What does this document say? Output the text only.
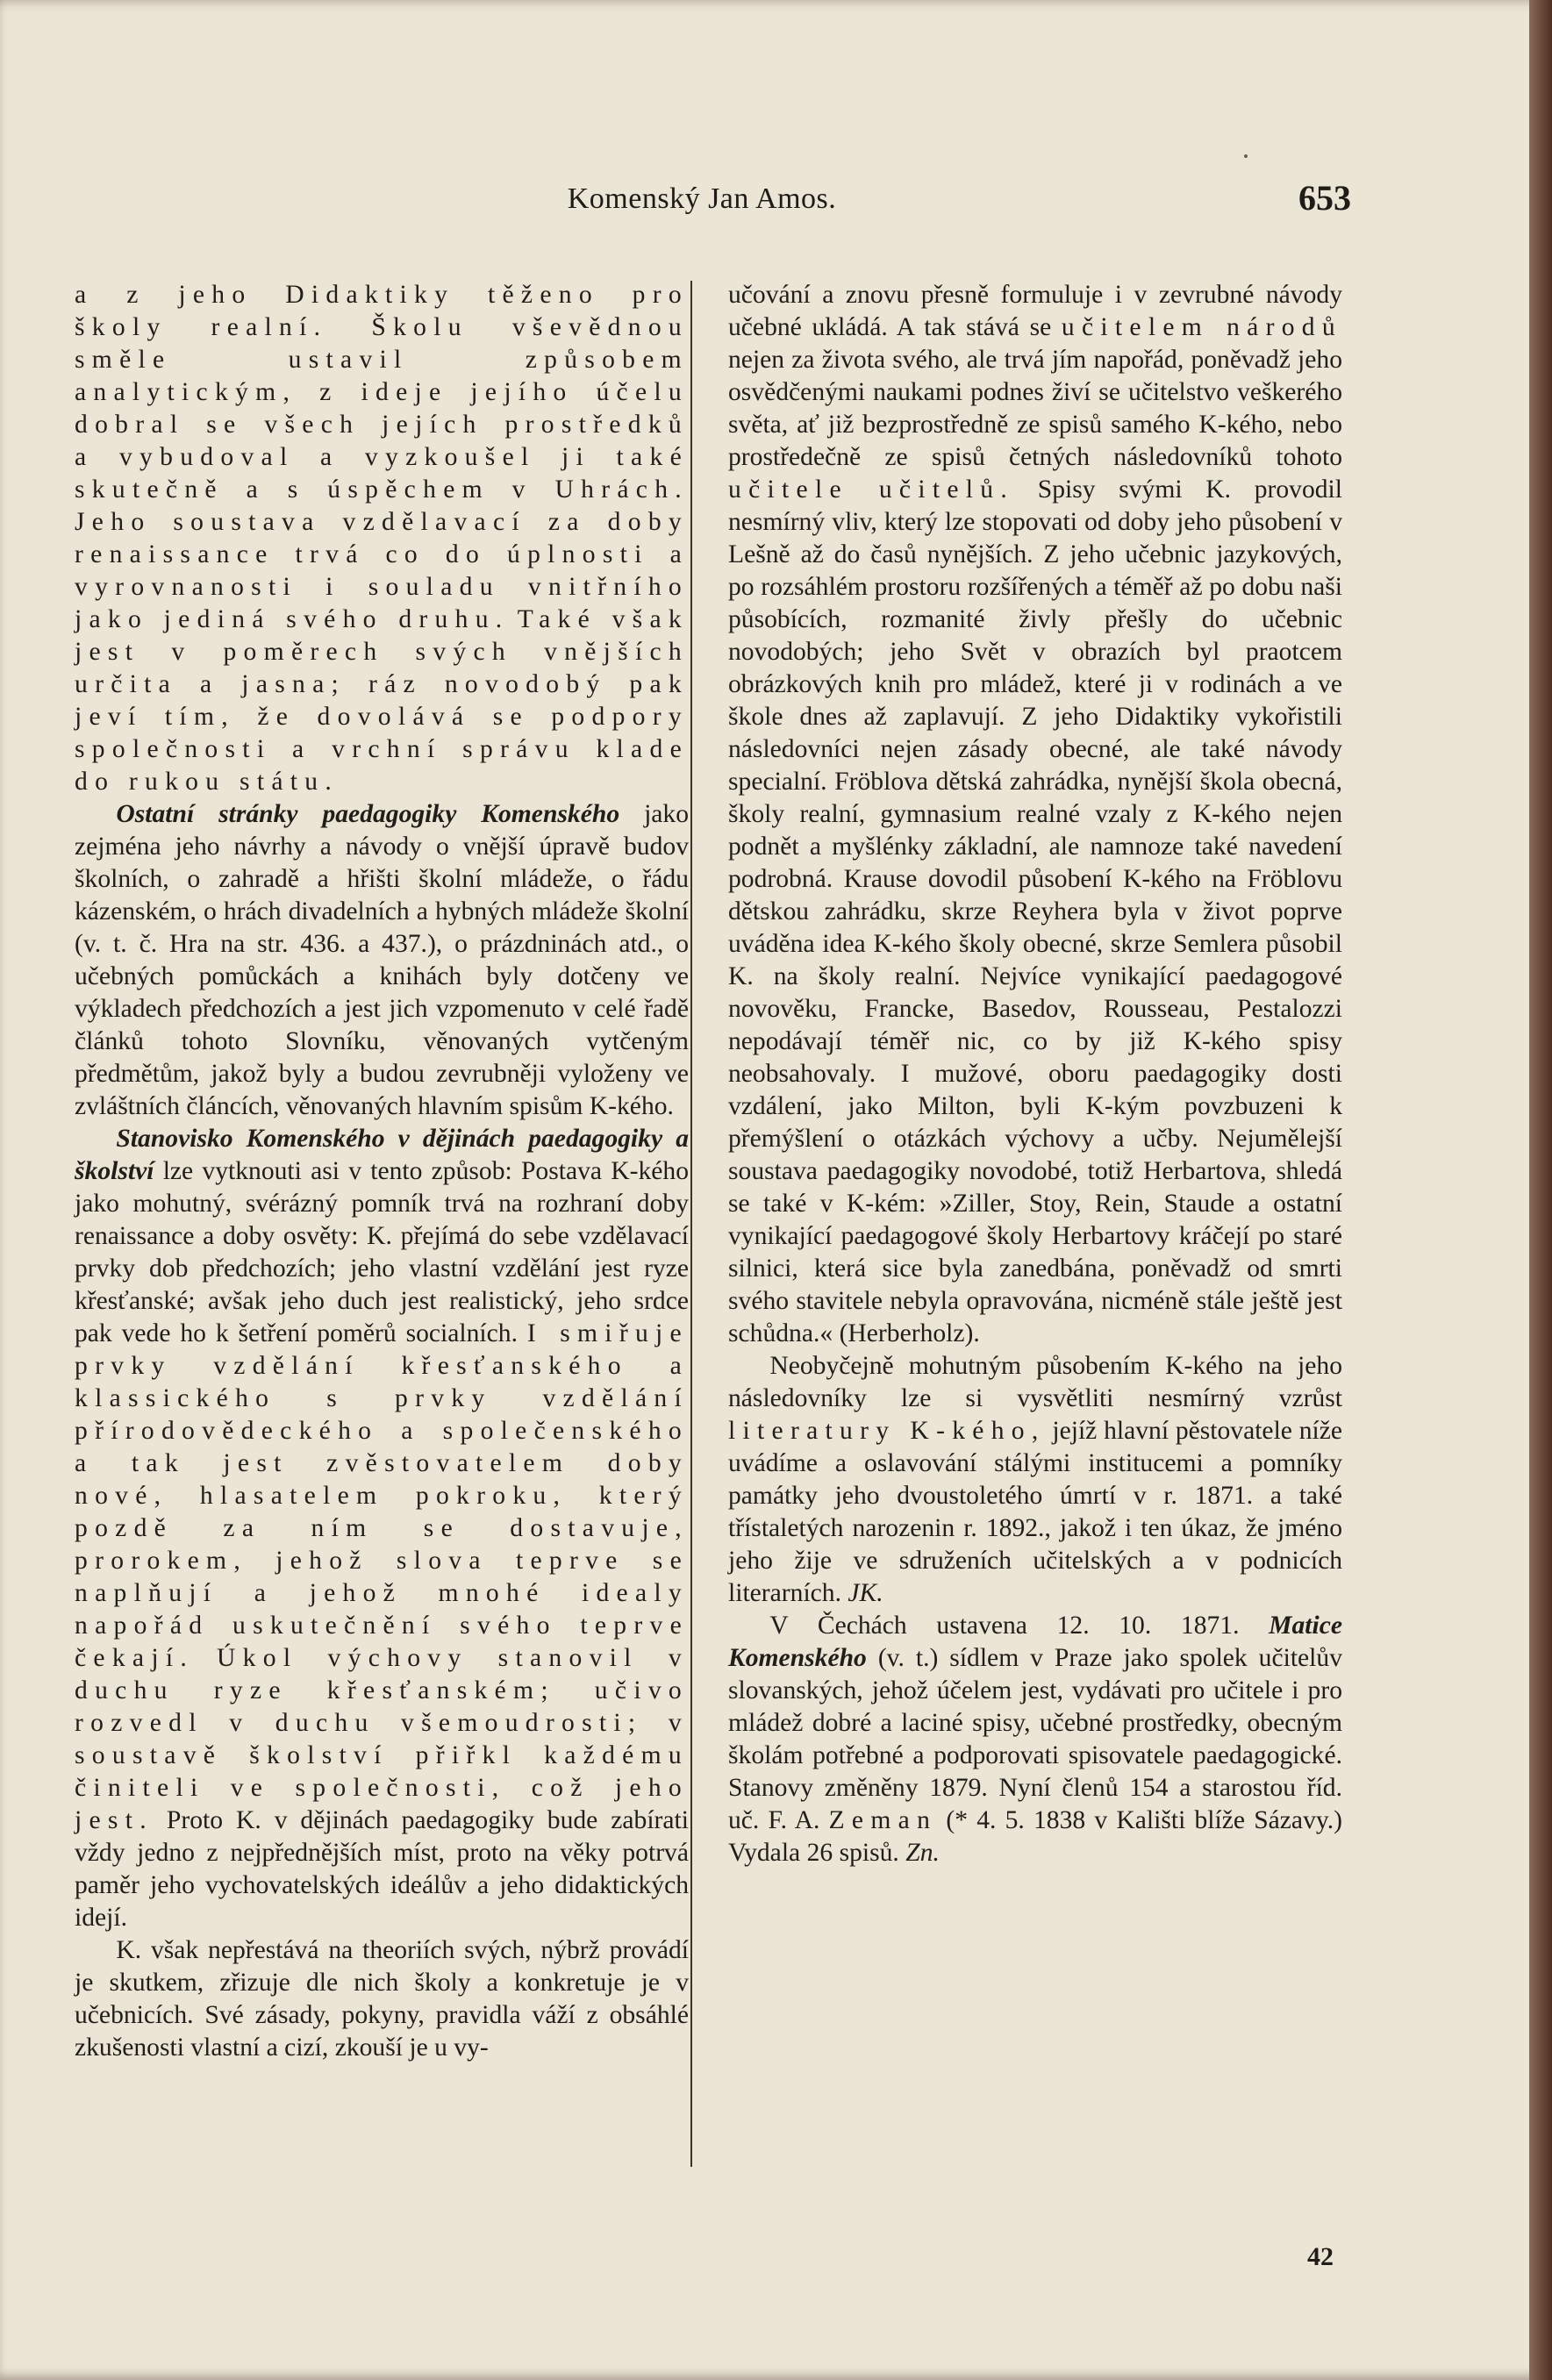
Komenský Jan Amos.	653

a z jeho Didaktiky těženo pro školy realní. Školu vševědnou směle ustavil způsobem analytickým, z ideje jejího účelu dobral se všech jejích prostředků a vybudoval a vyzkoušel ji také skutečně a s úspěchem v Uhrách. Jeho soustava vzdělavací za doby renaissance trvá co do úplnosti a vyrovnanosti i souladu vnitřního jako jediná svého druhu. Také však jest v poměrech svých vnějších určita a jasna; ráz novodobý pak jeví tím, že dovolává se podpory společnosti a vrchní správu klade do rukou státu.

Ostatní stránky paedagogiky Komenského jako zejména jeho návrhy a návody o vnější úpravě budov školních, o zahradě a hřišti školní mládeže, o řádu kázenském, o hrách divadelních a hybných mládeže školní (v. t. č. Hra na str. 436. a 437.), o prázdninách atd., o učebných pomůckách a knihách byly dotčeny ve výkladech předchozích a jest jich vzpomenuto v celé řadě článků tohoto Slovníku, věnovaných vytčeným předmětům, jakož byly a budou zevrubněji vyloženy ve zvláštních článcích, věnovaných hlavním spisům K-kého.

Stanovisko Komenského v dějinách paedagogiky a školství lze vytknouti asi v tento způsob: Postava K-kého jako mohutný, svérázný pomník trvá na rozhraní doby renaissance a doby osvěty: K. přejímá do sebe vzdělavací prvky dob předchozích; jeho vlastní vzdělání jest ryze křesťanské; avšak jeho duch jest realistický, jeho srdce pak vede ho k šetření poměrů socialních. I smiřuje prvky vzdělání křesťanského a klassického s prvky vzdělání přírodovědeckého a společenského a tak jest zvěstovatelem doby nové, hlasatelem pokroku, který pozdě za ním se dostavuje, prorokem, jehož slova teprve se naplňují a jehož mnohé idealy napořád uskutečnění svého teprve čekají. Úkol výchovy stanovil v duchu ryze křesťanském; učivo rozvedl v duchu všemoudrosti; v soustavě školství přiřkl každému činiteli ve společnosti, což jeho jest. Proto K. v dějinách paedagogiky bude zabírati vždy jedno z nejpřednějších míst, proto na věky potrvá paměr jeho vychovatelských ideálův a jeho didaktických idejí.

K. však nepřestává na theoriích svých, nýbrž provádí je skutkem, zřizuje dle nich školy a konkretuje je v učebnicích. Své zásady, pokyny, pravidla váží z obsáhlé zkušenosti vlastní a cizí, zkouší je u vy-

učování a znovu přesně formuluje i v zevrubné návody učebné ukládá. A tak stává se učitelem národů nejen za života svého, ale trvá jím napořád, poněvadž jeho osvědčenými naukami podnes živí se učitelstvo veškerého světa, ať již bezprostředně ze spisů samého K-kého, nebo prostředečně ze spisů četných následovníků tohoto učitele učitelů. Spisy svými K. provodil nesmírný vliv, který lze stopovati od doby jeho působení v Lešně až do časů nynějších. Z jeho učebnic jazykových, po rozsáhlém prostoru rozšířených a téměř až po dobu naši působících, rozmanité živly přešly do učebnic novodobých; jeho Svět v obrazích byl praotcem obrázkových knih pro mládež, které ji v rodinách a ve škole dnes až zaplavují. Z jeho Didaktiky vykořistili následovníci nejen zásady obecné, ale také návody specialní. Fröblova dětská zahrádka, nynější škola obecná, školy realní, gymnasium realné vzaly z K-kého nejen podnět a myšlénky základní, ale namnoze také navedení podrobná. Krause dovodil působení K-kého na Fröblovu dětskou zahrádku, skrze Reyhera byla v život poprve uváděna idea K-kého školy obecné, skrze Semlera působil K. na školy realní. Nejvíce vynikající paedagogové novověku, Francke, Basedov, Rousseau, Pestalozzi nepodávají téměř nic, co by již K-kého spisy neobsahovaly. I mužové, oboru paedagogiky dosti vzdálení, jako Milton, byli K-kým povzbuzeni k přemýšlení o otázkách výchovy a učby. Nejumělejší soustava paedagogiky novodobé, totiž Herbartova, shledá se také v K-kém: »Ziller, Stoy, Rein, Staude a ostatní vynikající paedagogové školy Herbartovy kráčejí po staré silnici, která sice byla zanedbána, poněvadž od smrti svého stavitele nebyla opravována, nicméně stále ještě jest schůdna.« (Herberholz).

Neobyčejně mohutným působením K-kého na jeho následovníky lze si vysvětliti nesmírný vzrůst literatury K-kého, jejíž hlavní pěstovatele níže uvádíme a oslavování stálými institucemi a pomníky památky jeho dvoustoletého úmrtí v r. 1871. a také třístaletých narozenin r. 1892., jakož i ten úkaz, že jméno jeho žije ve sdruženích učitelských a v podnicích literarních. JK.

V Čechách ustavena 12. 10. 1871. Matice Komenského (v. t.) sídlem v Praze jako spolek učitelův slovanských, jehož účelem jest, vydávati pro učitele i pro mládež dobré a laciné spisy, učebné prostředky, obecným školám potřebné a podporovati spisovatele paedagogické. Stanovy změněny 1879. Nyní členů 154 a starostou říd. uč. F. A. Zeman (* 4. 5. 1838 v Kališti blíže Sázavy.) Vydala 26 spisů. Zn.

42
